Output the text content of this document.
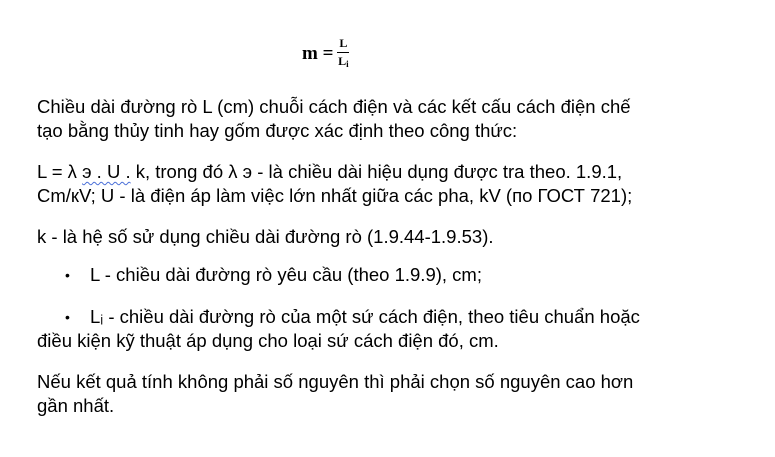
$m = \frac{L}{L_i}$
Chiều dài đường rò L (cm) chuỗi cách điện và các kết cấu cách điện chế
tạo bằng thủy tinh hay gốm được xác định theo công thức:
L = λ э . U . k, trong đó λ э - là chiều dài hiệu dụng được tra theo. 1.9.1,
Cm/кV; U - là điện áp làm việc lớn nhất giữa các pha, kV (по ГОСТ 721);
k - là hệ số sử dụng chiều dài đường rò (1.9.44-1.9.53).
• L - chiều dài đường rò yêu cầu (theo 1.9.9), cm;
• Lᵢ - chiều dài đường rò của một sứ cách điện, theo tiêu chuẩn hoặc
điều kiện kỹ thuật áp dụng cho loại sứ cách điện đó, cm.
Nếu kết quả tính không phải số nguyên thì phải chọn số nguyên cao hơn
gần nhất.
